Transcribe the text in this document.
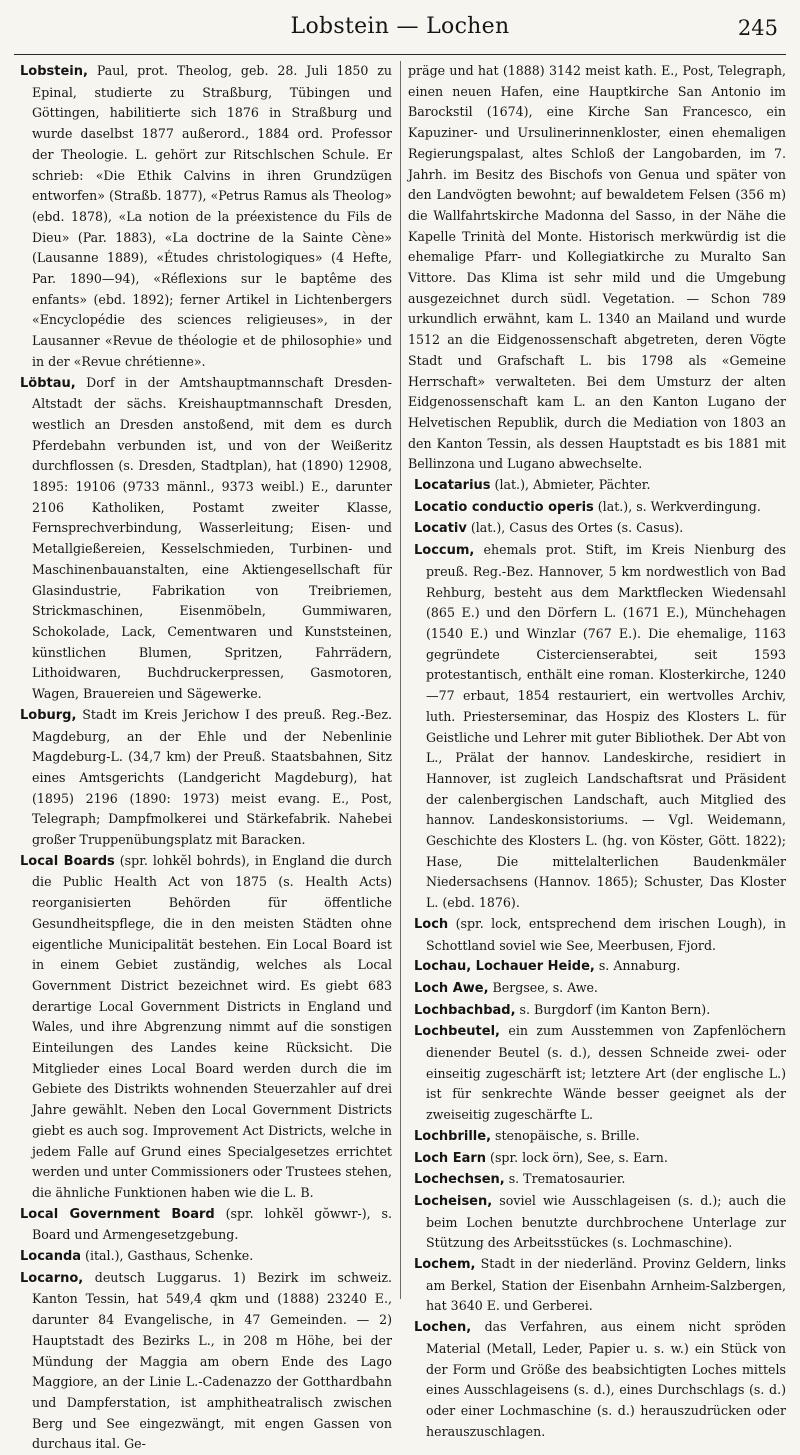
Lobstein — Lochen	245

Lobstein, Paul, prot. Theolog, geb. 28. Juli 1850 zu Epinal, studierte zu Straßburg, Tübingen und Göttingen, habilitierte sich 1876 in Straßburg und wurde daselbst 1877 außerord., 1884 ord. Professor der Theologie. L. gehört zur Ritschlschen Schule. Er schrieb: «Die Ethik Calvins in ihren Grundzügen entworfen» (Straßb. 1877), «Petrus Ramus als Theolog» (ebd. 1878), «La notion de la préexistence du Fils de Dieu» (Par. 1883), «La doctrine de la Sainte Cène» (Lausanne 1889), «Études christologiques» (4 Hefte, Par. 1890—94), «Réflexions sur le baptême des enfants» (ebd. 1892); ferner Artikel in Lichtenbergers «Encyclopédie des sciences religieuses», in der Lausanner «Revue de théologie et de philosophie» und in der «Revue chrétienne».

Löbtau, Dorf in der Amtshauptmannschaft Dresden-Altstadt der sächs. Kreishauptmannschaft Dresden, westlich an Dresden anstoßend, mit dem es durch Pferdebahn verbunden ist, und von der Weißeritz durchflossen (s. Dresden, Stadtplan), hat (1890) 12908, 1895: 19106 (9733 männl., 9373 weibl.) E., darunter 2106 Katholiken, Postamt zweiter Klasse, Fernsprechverbindung, Wasserleitung; Eisen- und Metallgießereien, Kesselschmieden, Turbinen- und Maschinenbauanstalten, eine Aktiengesellschaft für Glasindustrie, Fabrikation von Treibriemen, Strickmaschinen, Eisenmöbeln, Gummiwaren, Schokolade, Lack, Cementwaren und Kunststeinen, künstlichen Blumen, Spritzen, Fahrrädern, Lithoidwaren, Buchdruckerpressen, Gasmotoren, Wagen, Brauereien und Sägewerke.

Loburg, Stadt im Kreis Jerichow I des preuß. Reg.-Bez. Magdeburg, an der Ehle und der Nebenlinie Magdeburg-L. (34,7 km) der Preuß. Staatsbahnen, Sitz eines Amtsgerichts (Landgericht Magdeburg), hat (1895) 2196 (1890: 1973) meist evang. E., Post, Telegraph; Dampfmolkerei und Stärkefabrik. Nahebei großer Truppenübungsplatz mit Baracken.

Local Boards (spr. lohkĕl bohrds), in England die durch die Public Health Act von 1875 (s. Health Acts) reorganisierten Behörden für öffentliche Gesundheitspflege, die in den meisten Städten ohne eigentliche Municipalität bestehen. Ein Local Board ist in einem Gebiet zuständig, welches als Local Government District bezeichnet wird. Es giebt 683 derartige Local Government Districts in England und Wales, und ihre Abgrenzung nimmt auf die sonstigen Einteilungen des Landes keine Rücksicht. Die Mitglieder eines Local Board werden durch die im Gebiete des Distrikts wohnenden Steuerzahler auf drei Jahre gewählt. Neben den Local Government Districts giebt es auch sog. Improvement Act Districts, welche in jedem Falle auf Grund eines Specialgesetzes errichtet werden und unter Commissioners oder Trustees stehen, die ähnliche Funktionen haben wie die L. B.

Local Government Board (spr. lohkĕl gŏwwr-), s. Board und Armengesetzgebung.

Locanda (ital.), Gasthaus, Schenke.

Locarno, deutsch Luggarus. 1) Bezirk im schweiz. Kanton Tessin, hat 549,4 qkm und (1888) 23240 E., darunter 84 Evangelische, in 47 Gemeinden. — 2) Hauptstadt des Bezirks L., in 208 m Höhe, bei der Mündung der Maggia am obern Ende des Lago Maggiore, an der Linie L.-Cadenazzo der Gotthardbahn und Dampferstation, ist amphitheatralisch zwischen Berg und See eingezwängt, mit engen Gassen von durchaus ital. Ge-

präge und hat (1888) 3142 meist kath. E., Post, Telegraph, einen neuen Hafen, eine Hauptkirche San Antonio im Barockstil (1674), eine Kirche San Francesco, ein Kapuziner- und Ursulinerinnenkloster, einen ehemaligen Regierungspalast, altes Schloß der Langobarden, im 7. Jahrh. im Besitz des Bischofs von Genua und später von den Landvögten bewohnt; auf bewaldetem Felsen (356 m) die Wallfahrtskirche Madonna del Sasso, in der Nähe die Kapelle Trinità del Monte. Historisch merkwürdig ist die ehemalige Pfarr- und Kollegiatkirche zu Muralto San Vittore. Das Klima ist sehr mild und die Umgebung ausgezeichnet durch südl. Vegetation. — Schon 789 urkundlich erwähnt, kam L. 1340 an Mailand und wurde 1512 an die Eidgenossenschaft abgetreten, deren Vögte Stadt und Grafschaft L. bis 1798 als «Gemeine Herrschaft» verwalteten. Bei dem Umsturz der alten Eidgenossenschaft kam L. an den Kanton Lugano der Helvetischen Republik, durch die Mediation von 1803 an den Kanton Tessin, als dessen Hauptstadt es bis 1881 mit Bellinzona und Lugano abwechselte.

Locatarius (lat.), Abmieter, Pächter.

Locatio conductio operis (lat.), s. Werkverdingung.

Locativ (lat.), Casus des Ortes (s. Casus).

Loccum, ehemals prot. Stift, im Kreis Nienburg des preuß. Reg.-Bez. Hannover, 5 km nordwestlich von Bad Rehburg, besteht aus dem Marktflecken Wiedensahl (865 E.) und den Dörfern L. (1671 E.), Münchehagen (1540 E.) und Winzlar (767 E.). Die ehemalige, 1163 gegründete Cistercienserabtei, seit 1593 protestantisch, enthält eine roman. Klosterkirche, 1240—77 erbaut, 1854 restauriert, ein wertvolles Archiv, luth. Priesterseminar, das Hospiz des Klosters L. für Geistliche und Lehrer mit guter Bibliothek. Der Abt von L., Prälat der hannov. Landeskirche, residiert in Hannover, ist zugleich Landschaftsrat und Präsident der calenbergischen Landschaft, auch Mitglied des hannov. Landeskonsistoriums. — Vgl. Weidemann, Geschichte des Klosters L. (hg. von Köster, Gött. 1822); Hase, Die mittelalterlichen Baudenkmäler Niedersachsens (Hannov. 1865); Schuster, Das Kloster L. (ebd. 1876).

Loch (spr. lock, entsprechend dem irischen Lough), in Schottland soviel wie See, Meerbusen, Fjord.

Lochau, Lochauer Heide, s. Annaburg.

Loch Awe, Bergsee, s. Awe.

Lochbachbad, s. Burgdorf (im Kanton Bern).

Lochbeutel, ein zum Ausstemmen von Zapfenlöchern dienender Beutel (s. d.), dessen Schneide zwei- oder einseitig zugeschärft ist; letztere Art (der englische L.) ist für senkrechte Wände besser geeignet als der zweiseitig zugeschärfte L.

Lochbrille, stenopäische, s. Brille.

Loch Earn (spr. lock örn), See, s. Earn.

Lochechsen, s. Trematosaurier.

Locheisen, soviel wie Ausschlageisen (s. d.); auch die beim Lochen benutzte durchbrochene Unterlage zur Stützung des Arbeitsstückes (s. Lochmaschine).

Lochem, Stadt in der niederländ. Provinz Geldern, links am Berkel, Station der Eisenbahn Arnheim-Salzbergen, hat 3640 E. und Gerberei.

Lochen, das Verfahren, aus einem nicht spröden Material (Metall, Leder, Papier u. s. w.) ein Stück von der Form und Größe des beabsichtigten Loches mittels eines Ausschlageisens (s. d.), eines Durchschlags (s. d.) oder einer Lochmaschine (s. d.) herauszudrücken oder herauszuschlagen.
